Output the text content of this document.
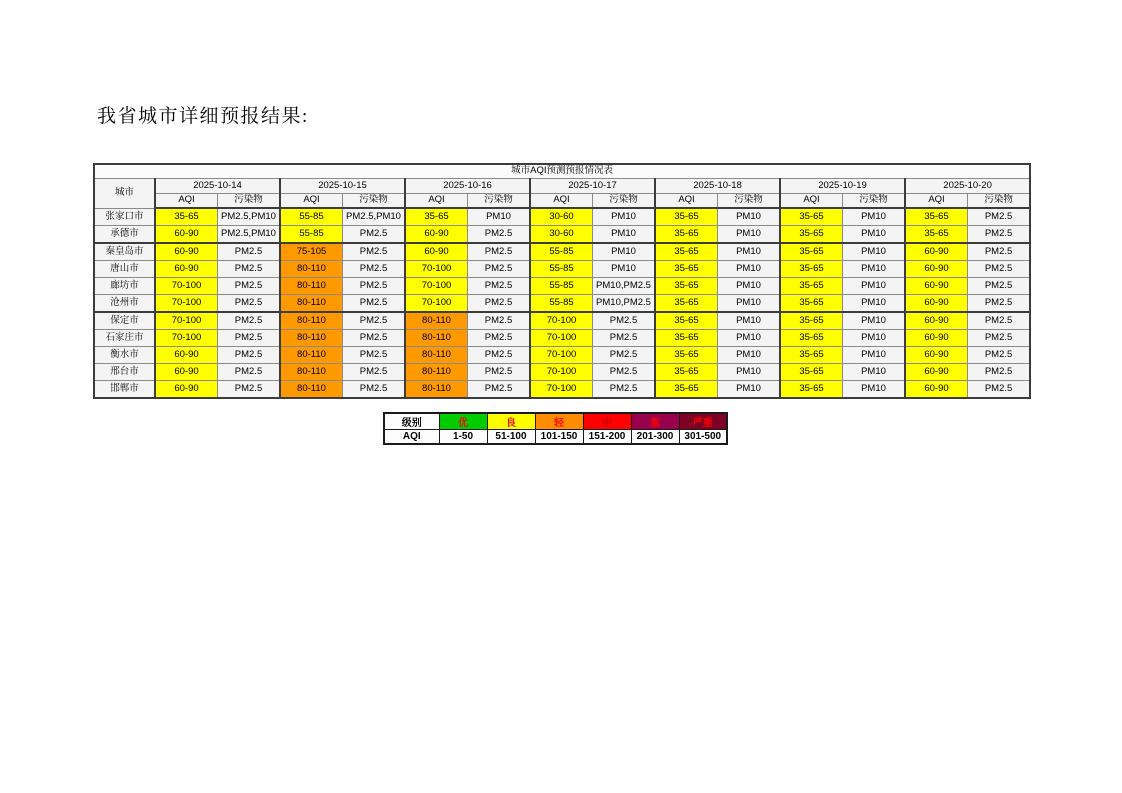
我省城市详细预报结果:
城市AQI预测预报情况表														
城市	2025-10-14		2025-10-15		2025-10-16		2025-10-17		2025-10-18		2025-10-19		2025-10-20	
	AQI	污染物	AQI	污染物	AQI	污染物	AQI	污染物	AQI	污染物	AQI	污染物	AQI	污染物
张家口市	35-65	PM2.5,PM10	55-85	PM2.5,PM10	35-65	PM10	30-60	PM10	35-65	PM10	35-65	PM10	35-65	PM2.5
承德市	60-90	PM2.5,PM10	55-85	PM2.5	60-90	PM2.5	30-60	PM10	35-65	PM10	35-65	PM10	35-65	PM2.5
秦皇岛市	60-90	PM2.5	75-105	PM2.5	60-90	PM2.5	55-85	PM10	35-65	PM10	35-65	PM10	60-90	PM2.5
唐山市	60-90	PM2.5	80-110	PM2.5	70-100	PM2.5	55-85	PM10	35-65	PM10	35-65	PM10	60-90	PM2.5
廊坊市	70-100	PM2.5	80-110	PM2.5	70-100	PM2.5	55-85	PM10,PM2.5	35-65	PM10	35-65	PM10	60-90	PM2.5
沧州市	70-100	PM2.5	80-110	PM2.5	70-100	PM2.5	55-85	PM10,PM2.5	35-65	PM10	35-65	PM10	60-90	PM2.5
保定市	70-100	PM2.5	80-110	PM2.5	80-110	PM2.5	70-100	PM2.5	35-65	PM10	35-65	PM10	60-90	PM2.5
石家庄市	70-100	PM2.5	80-110	PM2.5	80-110	PM2.5	70-100	PM2.5	35-65	PM10	35-65	PM10	60-90	PM2.5
衡水市	60-90	PM2.5	80-110	PM2.5	80-110	PM2.5	70-100	PM2.5	35-65	PM10	35-65	PM10	60-90	PM2.5
邢台市	60-90	PM2.5	80-110	PM2.5	80-110	PM2.5	70-100	PM2.5	35-65	PM10	35-65	PM10	60-90	PM2.5
邯郸市	60-90	PM2.5	80-110	PM2.5	80-110	PM2.5	70-100	PM2.5	35-65	PM10	35-65	PM10	60-90	PM2.5
级别	优	良	轻	中	重	严重
AQI	1-50	51-100	101-150	151-200	201-300	301-500
